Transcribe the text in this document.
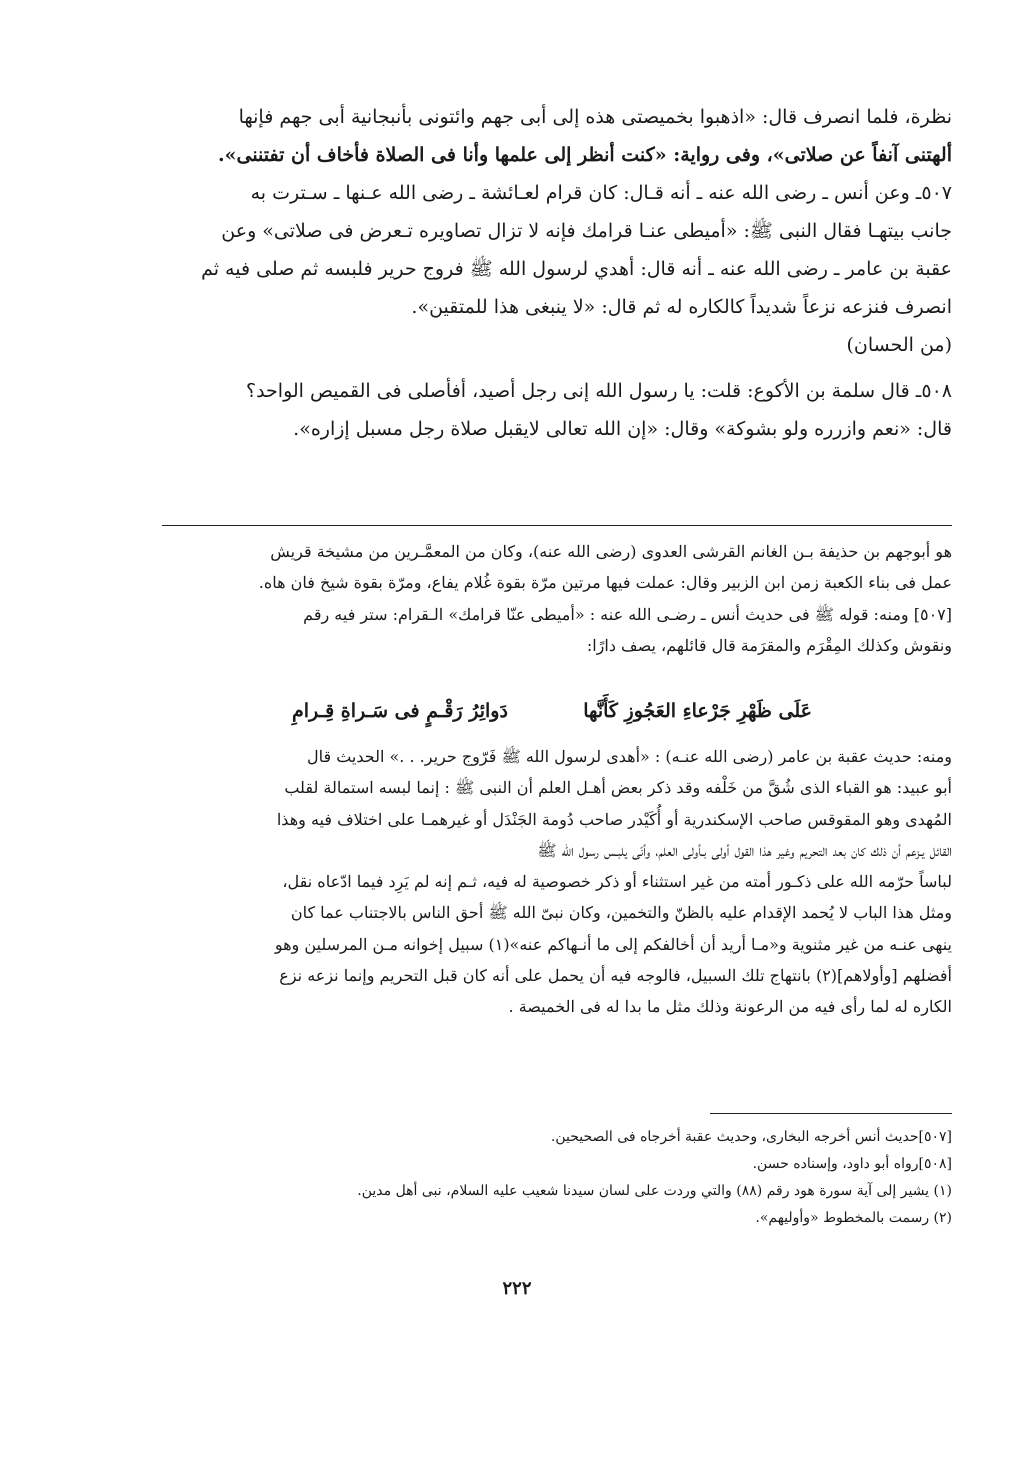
نظرة، فلما انصرف قال: «اذهبوا بخميصتى هذه إلى أبى جهم وائتونى بأنبجانية أبى جهم فإنها
ألهتنى آنفاً عن صلاتى»، وفى رواية: «كنت أنظر إلى علمها وأنا فى الصلاة فأخاف أن تفتننى».
٥٠٧ـ وعن أنس ـ رضى الله عنه ـ أنه قـال: كان قرام لعـائشة ـ رضى الله عـنها ـ سـترت به
جانب بيتهـا فقال النبى ﷺ: «أميطى عنـا قرامك فإنه لا تزال تصاويره تـعرض فى صلاتى» وعن
عقبة بن عامر ـ رضى الله عنه ـ أنه قال: أهدي لرسول الله ﷺ فروج حرير فلبسه ثم صلى فيه ثم
انصرف فنزعه نزعاً شديداً كالكاره له ثم قال: «لا ينبغى هذا للمتقين».
(من الحسان)
٥٠٨ـ قال سلمة بن الأكوع: قلت: يا رسول الله إنى رجل أصيد، أفأصلى فى القميص الواحد؟
قال: «نعم وازرره ولو بشوكة» وقال: «إن الله تعالى لايقبل صلاة رجل مسبل إزاره».
هو أبوجهم بن حذيفة بـن الغانم القرشى العدوى (رضى الله عنه)، وكان من المعمَّـرين من مشيخة قريش
عمل فى بناء الكعبة زمن ابن الزبير وقال: عملت فيها مرتين مرّة بقوة غُلام يفاع، ومرّة بقوة شيخ فان هاه.
[٥٠٧] ومنه: قوله ﷺ فى حديث أنس ـ رضـى الله عنه : «أميطى عنّا قرامك» الـقرام: ستر فيه رقم
ونقوش وكذلك المِقْرَم والمقرَمة قال قائلهم، يصف دارًا:
عَلَى ظَهْرِ جَرْعاءِ العَجُوزِ كَأَنَّها
دَوائِرُ رَقْـمٍ فى سَـراةِ قِـرامِ
ومنه: حديث عقبة بن عامر (رضى الله عنـه) : «أهدى لرسول الله ﷺ فَرّوج حرير. . .» الحديث قال
أبو عبيد: هو القباء الذى شُقَّ من خَلْفه وقد ذكر بعض أهـل العلم أن النبى ﷺ : إنما لبسه استمالة لقلب
المُهدى وهو المقوقس صاحب الإسكندرية أو أُكَيْدر صاحب دُومة الجَنْدَل أو غيرهمـا على اختلاف فيه وهذا
القائل يـزعم أن ذلك كان بعد التحريم وغير هذا القول أولى بـأولى العلم، وأنّى يلبـس رسول الله ﷺ
لباساً حرّمه الله على ذكـور أمته من غير استثناء أو ذكر خصوصية له فيه، ثـم إنه لم يَرِد فيما ادّعاه نقل،
ومثل هذا الباب لا يُحمد الإقدام عليه بالظنّ والتخمين، وكان نبىّ الله ﷺ أحق الناس بالاجتناب عما كان
ينهى عنـه من غير مثنوية و«مـا أريد أن أخالفكم إلى ما أنـهاكم عنه»(١) سبيل إخوانه مـن المرسلين وهو
أفضلهم [وأولاهم](٢) بانتهاج تلك السبيل، فالوجه فيه أن يحمل على أنه كان قبل التحريم وإنما نزعه نزع
الكاره له لما رأى فيه من الرعونة وذلك مثل ما بدا له فى الخميصة .
[٥٠٧]حديث أنس أخرجه البخارى، وحديث عقبة أخرجاه فى الصحيحين.
[٥٠٨]رواه أبو داود، وإسناده حسن.
(١) يشير إلى آية سورة هود رقم (٨٨) والتي وردت على لسان سيدنا شعيب عليه السلام، نبى أهل مدين.
(٢) رسمت بالمخطوط «وأوليهم».
٢٢٢
